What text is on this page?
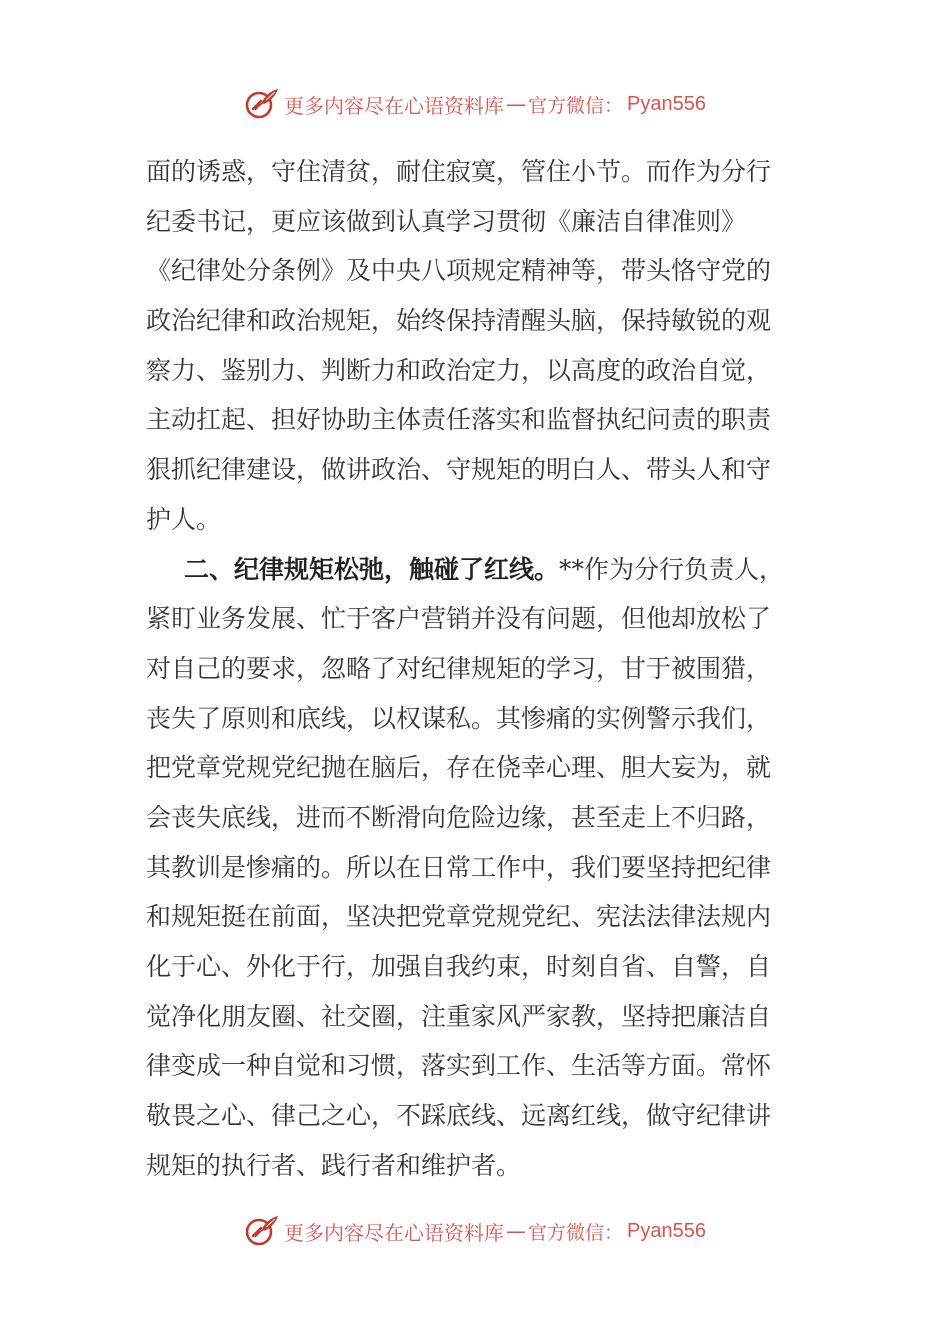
更多内容尽在心语资料库 — 官方微信： Pyan556
面的诱惑，守住清贫，耐住寂寞，管住小节。而作为分行
纪委书记，更应该做到认真学习贯彻《廉洁自律准则》
《纪律处分条例》及中央八项规定精神等，带头恪守党的
政治纪律和政治规矩，始终保持清醒头脑，保持敏锐的观
察力、鉴别力、判断力和政治定力，以高度的政治自觉，
主动扛起、担好协助主体责任落实和监督执纪问责的职责
狠抓纪律建设，做讲政治、守规矩的明白人、带头人和守
护人。
二、纪律规矩松弛，触碰了红线。**作为分行负责人，
紧盯业务发展、忙于客户营销并没有问题，但他却放松了
对自己的要求，忽略了对纪律规矩的学习，甘于被围猎，
丧失了原则和底线，以权谋私。其惨痛的实例警示我们，
把党章党规党纪抛在脑后，存在侥幸心理、胆大妄为，就
会丧失底线，进而不断滑向危险边缘，甚至走上不归路，
其教训是惨痛的。所以在日常工作中，我们要坚持把纪律
和规矩挺在前面，坚决把党章党规党纪、宪法法律法规内
化于心、外化于行，加强自我约束，时刻自省、自警，自
觉净化朋友圈、社交圈，注重家风严家教，坚持把廉洁自
律变成一种自觉和习惯，落实到工作、生活等方面。常怀
敬畏之心、律己之心，不踩底线、远离红线，做守纪律讲
规矩的执行者、践行者和维护者。
更多内容尽在心语资料库 — 官方微信： Pyan556
